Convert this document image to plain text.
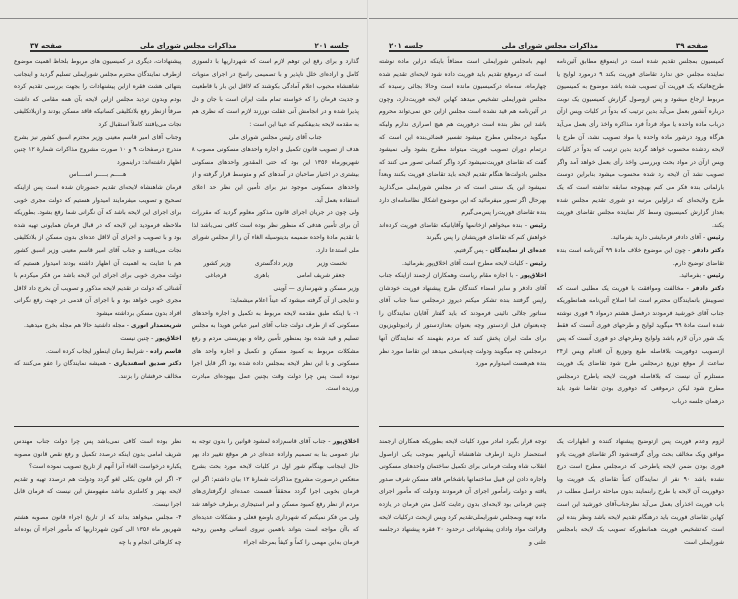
جلسه ۲۰۱
مذاکرات مجلس شورای ملی
صفحه ۳۷

گذارد و برای رفع این توهم لازم است که شهرداریها با دلسوزی کامل و اراده‌ای خلل ناپذیر و با تصمیمی راسخ در اجرای منویات شاهنشاه محبوب اعلام آمادگی بکوشند که لااقل این بار با قاطعیت و جدیت فرمان را که خواسته تمام ملت ایران است با جان و دل پذیرا شده و در انجامش آنی غفلت نورزند لازم است که نظری هم به مقدمه لایحه بدبیفکنیم که عینا این است :

جناب آقای رئیس مجلس شورای ملی

هدف از تصویب قانون تکمیل و اجاره واحدهای مسکونی مصوب ۸ شهریورماه ۱۳۵۶ این بود که حتی المقدور واحدهای مسکونی بیشتری در اختیار صاحبان در آمدهای کم و متوسط قرار گرفته و از واحدهای مسکونی موجود نیز برای تأمین این نظر حد اعلای استفاده بعمل آید.

ولی چون در جریان اجرای قانون مذکور معلوم گردید که مقررات آن برای تأمین هدفی که منظور نظر بوده است کافی نمی‌باشد لذا با تقدیم مادهٔ واحده ضمیمه بدینوسیله الغاء آن را از مجلس شورای ملی استدعا دارد.

نخست وزیر
وزیر دادگستری
وزیر کشور
جعفر شریف امامی
باهری
قره‌باغی

وزیر مسکن و شهرسازی — آوینی

و نتایجی از آن گرفته میشود که عیناً اعلام میشماید:

۱- با اینکه طبق مقدمه لایحه مربوط به تکمیل و اجاره واحدهای مسکونی که از طرف دولت جناب آقای امیر عباس هویدا به مجلس تسلیم و قید شده بود بمنظور تأمین رفاه و بهزیستی مردم و رفع مشکلات مربوط به کمبود مسکن و تکمیل و اجاره واحد های مسکونی و با این نظر لایحه بمجلس داده شده بود اگر قابل اجرا نبوده است پس چرا دولت وقت بچنین عمل بیهوده‌ای مبادرت ورزیده است.

پیشنهادات، دیگری در کمیسیون های مربوط بلحاظ اهمیت موضوع ازطرف نمایندگان محترم مجلس شورایملی تسلیم گردید و اینجانب بتنهائی هشت فقره ازاین پیشنهادات را بجهت بررسی تقدیم کرده بودم وبدون تردید مجلس ازاین لایحه بآن همه مقامی که داشت صرفاً ازنظر رفع بلاتکلیفی کسانیکه فاقد مسکن بودند و ازبلاتکلیفی نجات می‌یافتند کاملاً استقبال کرد

وجناب آقای امیر قاسم معینی وزیر محترم اسبق کشور نیز بشرح مندرج درصفحات ۹ و ۱۰ صورت مشروح مذاکرات شمارهٔ ۱۲ چنین اظهار داشته‌اند: دراینمورد

هـــــم بـــــر اســــاس

فرمان شاهنشاه لایحه‌ای تقدیم حضورتان شده است پس ازاینکه تصحیح و تصویب میفرمایند امیدوار هستیم که دولت مجری خوبی برای اجرای این لایحه باشد که آن نگرانی شما رفع بشود. بطوریکه ملاحظه فرمودید این لایحه که در قبال فرمان همایونی تهیه شده بود و با تصویب و اجرای آن لااقل عده‌ای بدون مسکن از بلاتکلیفی نجات می‌یافتند و جناب آقای امیر قاسم معینی وزیر اسبق کشور هم با عنایت به اهمیت آن اظهار داشته بودند امیدوار هستیم که دولت مجری خوبی برای اجرای این لایحه باشد من فکر میکردم با آشنائی که دولت در تقدیم لایحه مذکور و تصویب آن بخرج داد لااقل مجری خوبی خواهد بود و با اجرای آن قدمی در جهت رفع نگرانی افراد بدون مسکن برداشته میشود

شریعتمدار انوری - مجله داشتید حالا هم مجله بخرج میدهید.

اخلاق‌پور - چنین نیست

قاسم زاده - شرایط زمان اینطور ایجاب کرده است.

دکتر صدیق اسفندیاری - همیشه نمایندگان را عفو می‌کنند که مخالف حرفشان را بزنند.

اخلاق‌پور - جناب آقای قاسم‌زاده لمشود قوانین را بدون توجه به نیاز عمومی بنا به تصمیم واراده عده‌ای در هر موقع تغییر داد بهر حال اینجانب بهنگام شور اول در کلیات لایحه مورد بحث بشرح منعکس درصورت مشروح مذاکرات شمارهٔ ۱۲ بیان داشتم: اگر این فرمان بخوبی اجرا گردد محققاً قسمت عمده‌ای ازگرفتاری‌های مردم از نظر رفع کمبود مسکن و امر استیجاری برطرف خواهد شد ولی من فکر نمیکنم که شهرداری باوضع فعلی و مشکلات عدیده‌ای که باآن مواجه است بتواند باهمین نیروی انسانی وهمین روحیه فرمان به‌این مهمی را کماً و کیفاً بمرحله اجراء

نظر بوده است کافی نمی‌باشد پس چرا دولت جناب مهندس شریف امامی بدون اینکه درصدد تکمیل و رفع نقص قانون مصوبه یکباره درخواست الغاء آنرا آنهم از تاریخ تصویب نموده است؟

۳- اگر این قانون بکلی لغو گردد ودولت هم درصدد تهیه و تقدیم لایحه بهتر و کاملتری نباشد مفهومش این نیست که فرمان قابل اجرا نیست.

۴- مجلس میخواهد بداند که از تاریخ اجراء قانون مصوبه هشتم شهریور ماه ۱۳۵۶ الی کنون شهرداریها که مأمور اجراء آن بوده‌اند چه کارهائی انجام و با چه

صفحه ۳۹
مذاکرات مجلس شورای ملی
جلسه ۲۰۱

کمیسیون بمجلس تقدیم شده است در اینموقع مطابق آئین‌نامه نماینده مجلس حق ندارد تقاضای فوریت بکند ۹ درمورد لوایح یا طرح‌هائیکه یک فوریت آن تصویب شده باشد موضوع به کمیسیون مربوط ارجاع میشود و پس ازوصول گزارش کمیسیون یک نوبت درباره آنشور بعمل می‌آید بدین ترتیب که بدواً در کلیات وپس ازآن درباب ماده واحده یا مواد فرداً فرد مذاکره واخذ رأی بعمل می‌آید هرگاه ورود درشور ماده واحده یا مواد تصویب نشد، آن طرح یا لایحه ردشده محسوب خواهد گردید بدین ترتیب که بدواً در کلیات وپس ازآن در مواد بحث وبررسی واخذ رأی بعمل خواهد آمد واگر تصویب نشد آن لایحه رد شده محسوب میشود بنابراین دوست بارلمانی بنده فکر می کنم بهیچوجه سابقه نداشته است که یک طرح ولایحه‌ای که دراولین مرتبه دو شوری تقدیم مجلس شده بعداز گزارش کمیسیون وسط کار نماینده مجلس تقاضای فوریت بکند.

رئیس - آقای دادفر فرمایشی دارید بفرمائید.

دکتر دادفر - چون این موضوع خلاف مادهٔ ۹۹ آئین‌نامه است بنده تقاضای توضیح دارم.

رئیس - بفرمائید.

دکتر دادفر - مخالفت وموافقت با فوریت یک مطلبی است که تصویبش بانمایندگان محترم است اما اصلاح آئین‌نامه همانطوریکه جناب آقای خورشید فرمودند درفصل هشتم درمواد ۹ فوری نوشته شده است مادهٔ ۹۹ میگوید لوایح و طرحهای فوری آنست که فقط یک شور درآن لازم باشد ولوایح وطرحهای دو فوری آنست که پس ازتصویب دوفوریت بلافاصله طبع وتوزیع آن اقدام وپس از۲۴ ساعت از موقع توزیع درمجلس طرح شود تقاضای یک فوریت مستلزم آن نیست که بلافاصله فوریت لایحه یاطرح درمجلس مطرح شود لیکن درموقعی که دوفوری بودن تقاضا شود باید درهمان جلسه درباب

ابهم بامجلس شورایملی است مضافاً باینکه دراین ماده نوشته است که درموقع تقدیم باید فوریت داده شود لایحه‌ای تقدیم شده چهارماه، سه‌ماه درکمیسیون مانده است وحالا بجائی رسیده که مجلس شورایملی تشخیص میدهد کهاین لایحه فوریت‌دارد، وچون در آئین‌نامه هم قید نشده است مجلس ازاین حق نمی‌تواند محروم باشد این نظر بنده است درفوریت هم هیچ اصراری ندارم ولیکه میگوید درمجلس مطرح میشود تفسیر قضائی‌بنده این است که درتمام دوران تصویب فوریت میتواند مطرح بشود ولی نمیشود گفت که تقاضای فوریت‌نمیشود کرد واگر کسانی تصور می کنند که مجلس بادولت‌ها هنگام تقدیم لایحه باید تقاضای فوریت بکنند وبعداً نمیشود این یک سنتی است که در مجلس شورایملی می‌گذارید بهرحال اگر تصور میفرمائید که این موضوع اشکال نظامنامه‌ای دارد بنده تقاضای فوریت‌را پس‌می‌گیرم

رئیس - بنده میخواهم ازخانمها وآقایانیکه تقاضای فوریت کرده‌اند خواهش کنم که تقاضای فوریتشان را پس بگیرند

عده‌ای از نمایندگان - پس گرفتیم.

رئیس - کلیات لایحه مطرح است آقای اخلاق‌پور بفرمائید.

اخلاق‌پور - با اجازه مقام ریاست وهمکاران ارجمند ازاینکه جناب آقای دادفر و سایر امضاء کنندگان طرح پیشنهاد فوریت خودشان راپس گرفتند بنده تشکر میکنم دیروز درمجلس سنا جناب آقای سناتور جلالی نائینی فرمودند که باید گفتار آقایان نمایندگان را چه‌بعنوان قبل ازدستور وچه بعنوان بعدازدستور از رادیوتلویزیون برای ملت ایران پخش کنند که مردم بفهمند که نمایندگان آنها درمجلس چه میگویند ودولت چه‌پاسخی میدهد این تقاضا مورد نظر بنده هم‌هست امیدوارم مورد

لزوم وعدم فوریت پس ازتوضیح پیشنهاد کننده و اظهارات یک موافق ویک مخالف بحث ورأی گرفته‌شود اگر تقاضای فوریت یادو فوری بودن ضمن لایحه یاطرحی که درمجلس مطرح است درج نشده باشد ۹۰ نفر از نمایندگان کتباً تقاضای یک فوریت ویا دوفوریت آن لایحه یا طرح رابنمایند بدون مباحثه دراصل مطلب در باب فوریت اخذرأی بعمل می‌آید نظرجناب‌آقای خورشید این است کهاین تقاضای فوریت باید درهنگام تقدیم لایحه باشد ونظر بنده این است که‌تشخیص فوریت همانطورکه تصویب یک لایحه بامجلس شورایملی است

توجه قرار بگیرد امادر مورد کلیات لایحه بطوریکه همکاران ارجمند استحضار دارید ازطرف شاهنشاه آریامهر بموجب یکی ازاصول انقلاب شاه وملت فرمانی برای تکمیل ساختمان واحدهای مسکونی واجاره دادن این قبیل ساختمانها باشخاص فاقد مسکن شرف صدور یافته و دولت رامأمور اجرای آن فرمودند ودولت که مأمور اجرای چنین فرمانی بود لایحه‌ای بدون رعایت کامل متن فرمان در یازده ماده تهیه وبمجلس شورایملی‌تقدیم کرد وپس ازبحث درکلیات لایحه وقرائت مواد وادادن پیشنهاداتی درحدود ۲۰ فقره پیشنهاد درجلسه علنی و
